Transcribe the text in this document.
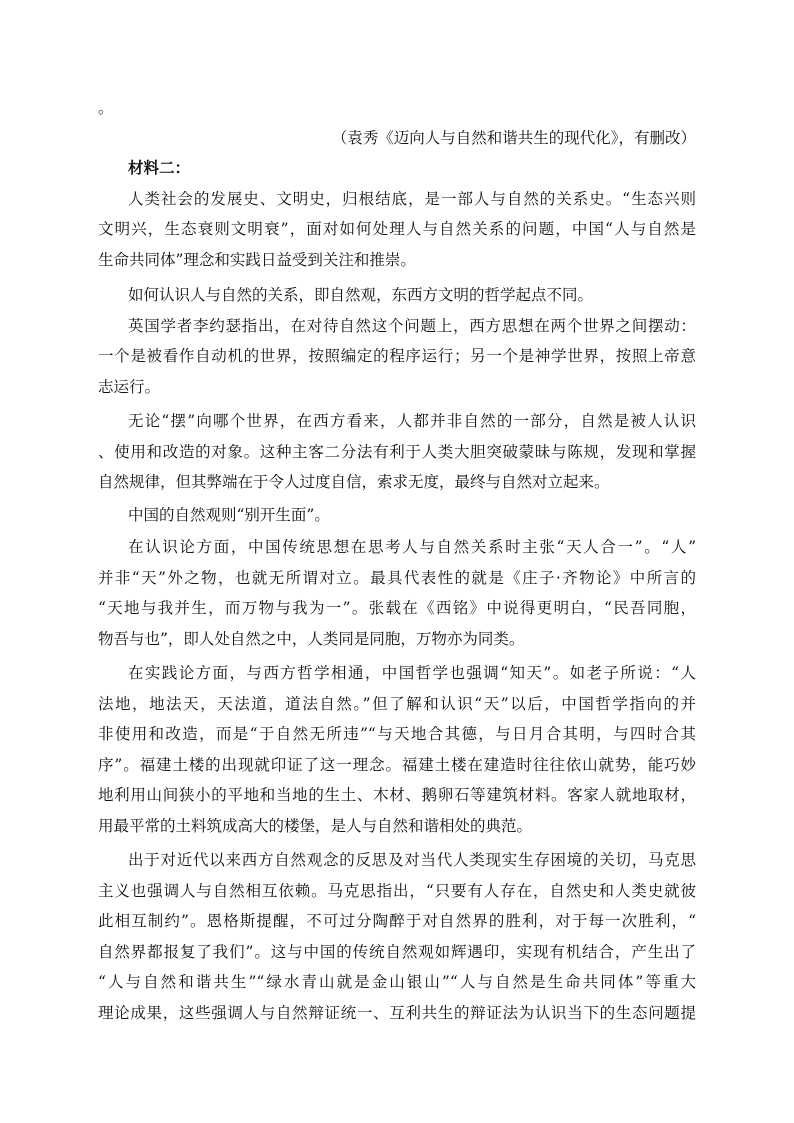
。
（袁秀《迈向人与自然和谐共生的现代化》，有删改）
材料二：
人类社会的发展史、文明史，归根结底，是一部人与自然的关系史。“生态兴则
文明兴，生态衰则文明衰”，面对如何处理人与自然关系的问题，中国“人与自然是
生命共同体”理念和实践日益受到关注和推崇。
如何认识人与自然的关系，即自然观，东西方文明的哲学起点不同。
英国学者李约瑟指出，在对待自然这个问题上，西方思想在两个世界之间摆动：
一个是被看作自动机的世界，按照编定的程序运行；另一个是神学世界，按照上帝意
志运行。
无论“摆”向哪个世界，在西方看来，人都并非自然的一部分，自然是被人认识
、使用和改造的对象。这种主客二分法有利于人类大胆突破蒙昧与陈规，发现和掌握
自然规律，但其弊端在于令人过度自信，索求无度，最终与自然对立起来。
中国的自然观则“别开生面”。
在认识论方面，中国传统思想在思考人与自然关系时主张“天人合一”。“人”
并非“天”外之物，也就无所谓对立。最具代表性的就是《庄子·齐物论》中所言的
“天地与我并生，而万物与我为一”。张载在《西铭》中说得更明白，“民吾同胞，
物吾与也”，即人处自然之中，人类同是同胞，万物亦为同类。
在实践论方面，与西方哲学相通，中国哲学也强调“知天”。如老子所说：“人
法地，地法天，天法道，道法自然。”但了解和认识“天”以后，中国哲学指向的并
非使用和改造，而是“于自然无所违”“与天地合其德，与日月合其明，与四时合其
序”。福建土楼的出现就印证了这一理念。福建土楼在建造时往往依山就势，能巧妙
地利用山间狭小的平地和当地的生土、木材、鹅卵石等建筑材料。客家人就地取材，
用最平常的土料筑成高大的楼堡，是人与自然和谐相处的典范。
出于对近代以来西方自然观念的反思及对当代人类现实生存困境的关切，马克思
主义也强调人与自然相互依赖。马克思指出，“只要有人存在，自然史和人类史就彼
此相互制约”。恩格斯提醒，不可过分陶醉于对自然界的胜利，对于每一次胜利，“
自然界都报复了我们”。这与中国的传统自然观如辉遇印，实现有机结合，产生出了
“人与自然和谐共生”“绿水青山就是金山银山”“人与自然是生命共同体”等重大
理论成果，这些强调人与自然辩证统一、互利共生的辩证法为认识当下的生态问题提
